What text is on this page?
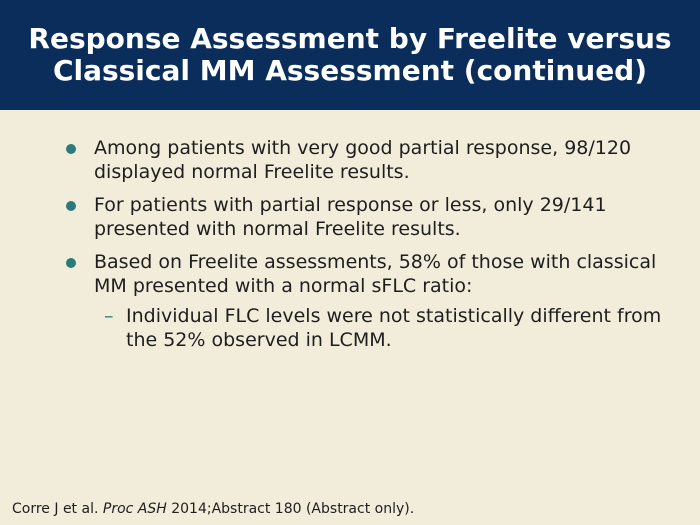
Response Assessment by Freelite versus
Classical MM Assessment (continued)
Among patients with very good partial response, 98/120 displayed normal Freelite results.
For patients with partial response or less, only 29/141 presented with normal Freelite results.
Based on Freelite assessments, 58% of those with classical MM presented with a normal sFLC ratio:
– Individual FLC levels were not statistically different from the 52% observed in LCMM.
Corre J et al. Proc ASH 2014;Abstract 180 (Abstract only).
